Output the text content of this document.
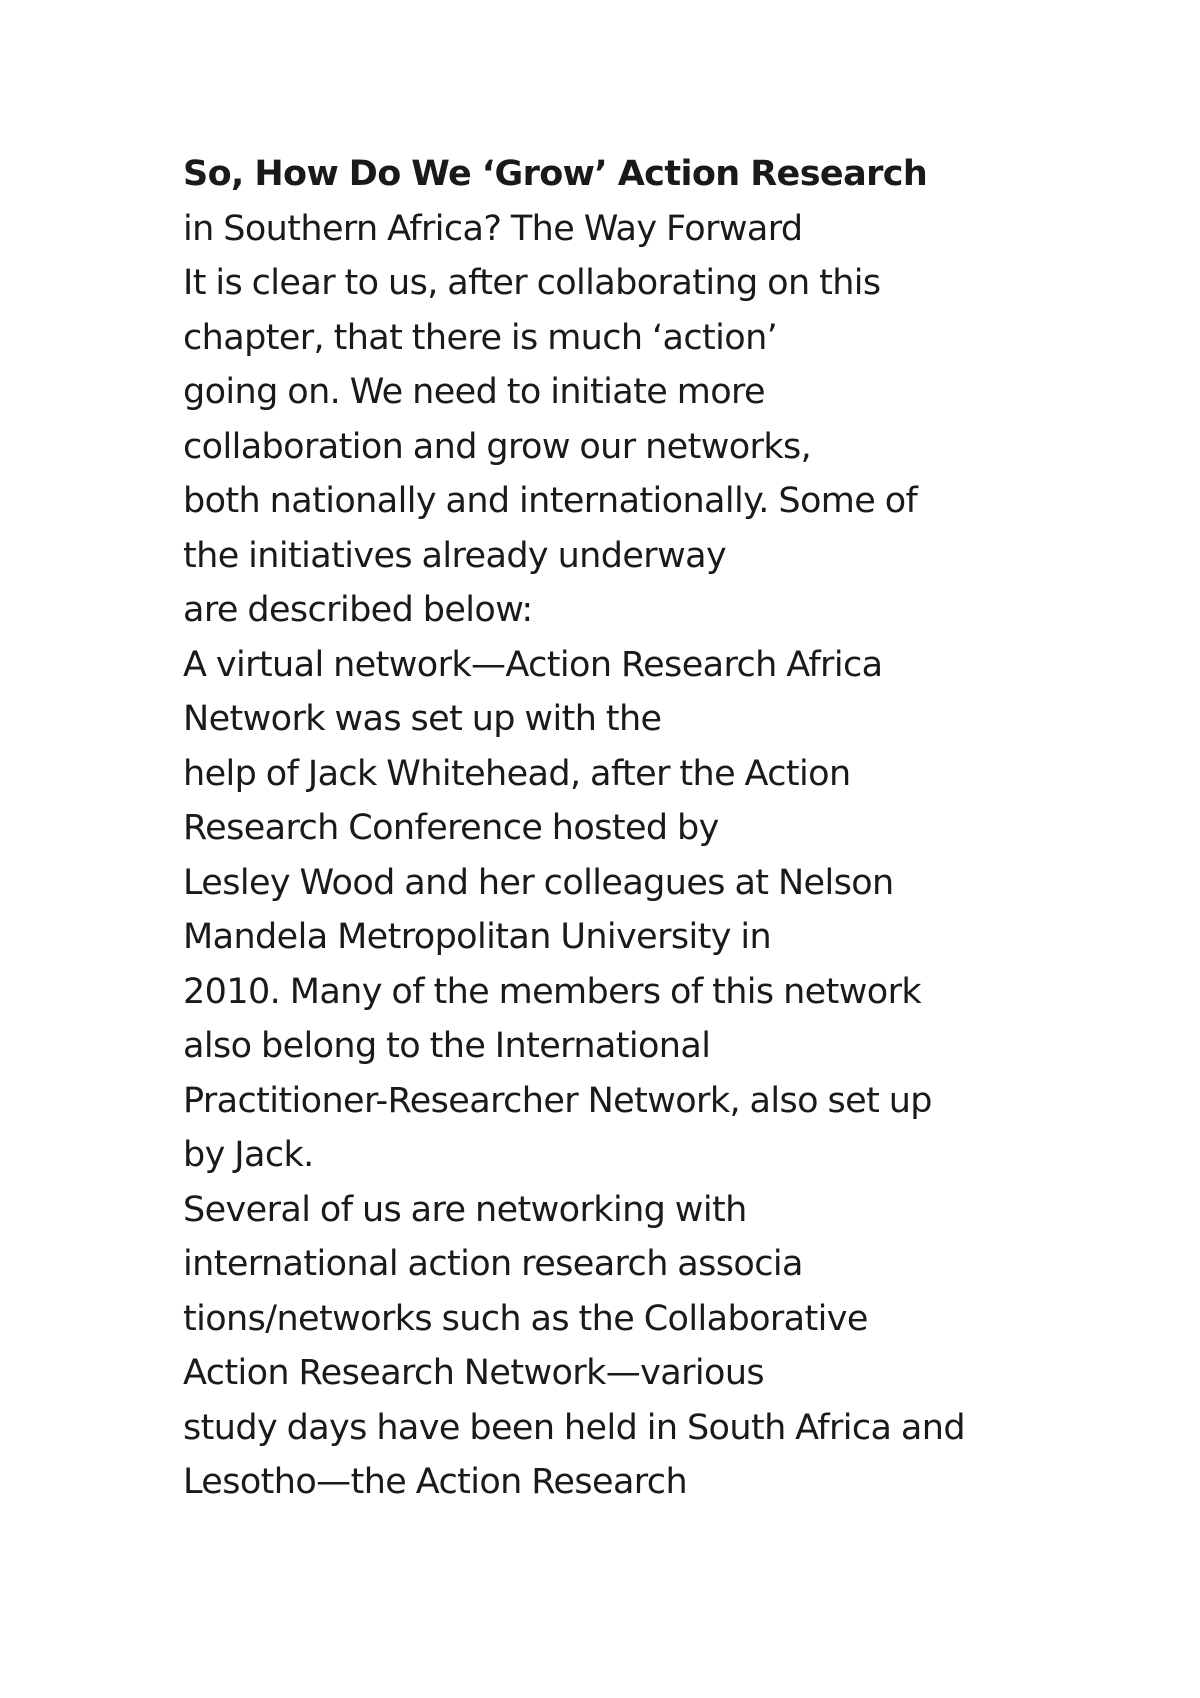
So, How Do We ‘Grow’ Action Research
in Southern Africa? The Way Forward
It is clear to us, after collaborating on this
chapter, that there is much ‘action’
going on. We need to initiate more
collaboration and grow our networks,
both nationally and internationally. Some of
the initiatives already underway
are described below:
A virtual network—Action Research Africa
Network was set up with the
help of Jack Whitehead, after the Action
Research Conference hosted by
Lesley Wood and her colleagues at Nelson
Mandela Metropolitan University in
2010. Many of the members of this network
also belong to the International
Practitioner-Researcher Network, also set up
by Jack.
Several of us are networking with
international action research associa
tions/networks such as the Collaborative
Action Research Network—various
study days have been held in South Africa and
Lesotho—the Action Research
